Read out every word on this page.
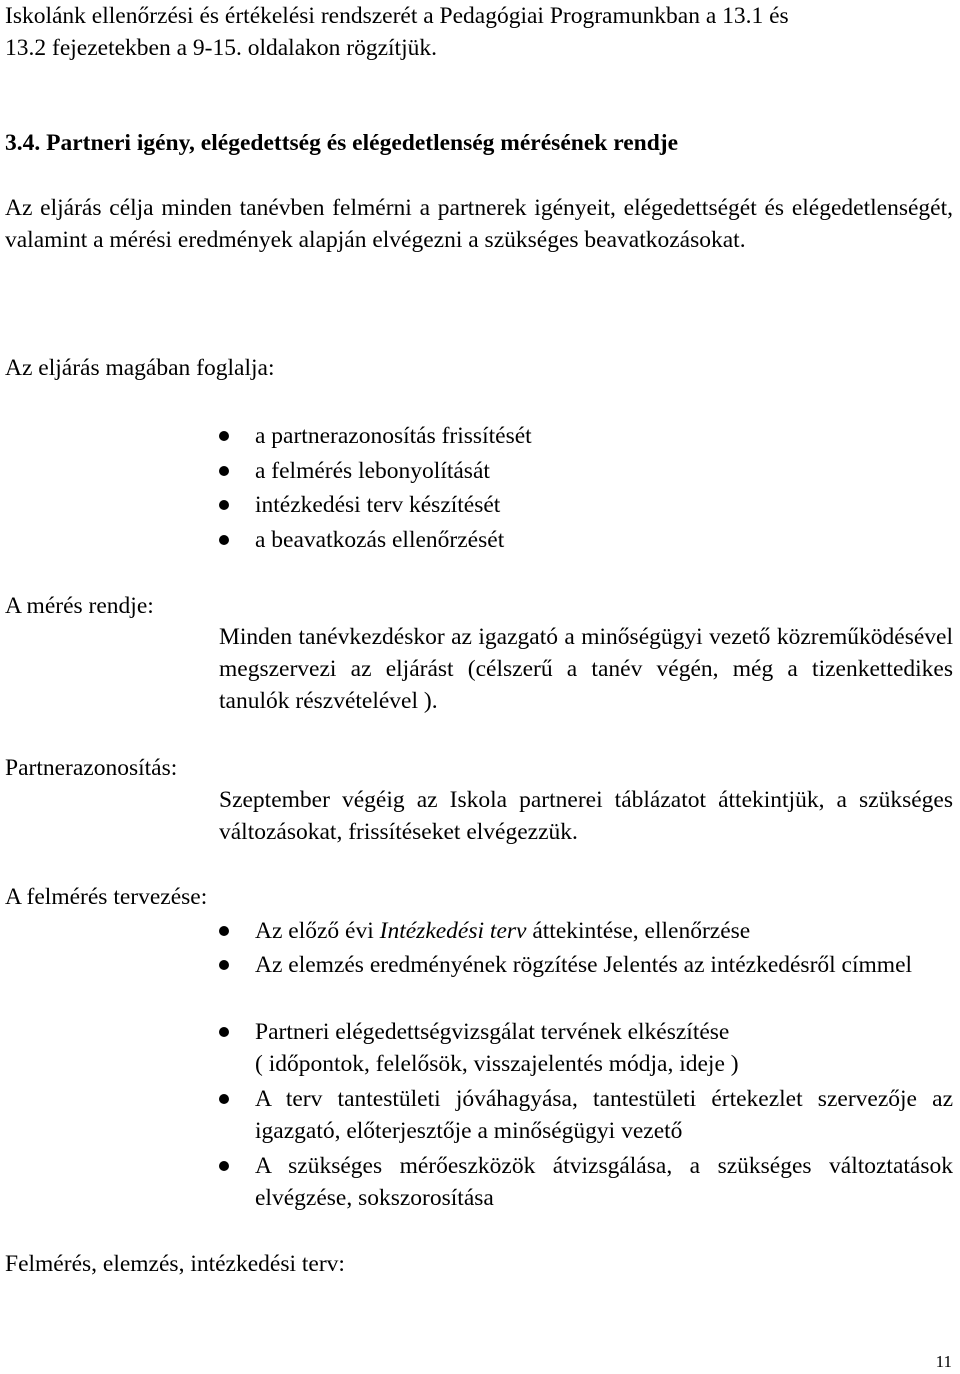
Iskolánk ellenőrzési és értékelési rendszerét a Pedagógiai Programunkban a 13.1 és
13.2 fejezetekben a 9-15. oldalakon rögzítjük.
3.4. Partneri igény, elégedettség és elégedetlenség mérésének rendje
Az eljárás célja minden tanévben felmérni a partnerek igényeit, elégedettségét és elégedetlenségét, valamint a mérési eredmények alapján elvégezni a szükséges beavatkozásokat.
Az eljárás magában foglalja:
a partnerazonosítás frissítését
a felmérés lebonyolítását
intézkedési terv készítését
a beavatkozás ellenőrzését
A mérés rendje:
Minden tanévkezdéskor az igazgató a minőségügyi vezető közreműködésével megszervezi az eljárást (célszerű a tanév végén, még a tizenkettedikes tanulók részvételével ).
Partnerazonosítás:
Szeptember végéig az Iskola partnerei táblázatot áttekintjük, a szükséges változásokat, frissítéseket elvégezzük.
A felmérés tervezése:
Az előző évi Intézkedési terv áttekintése, ellenőrzése
Az elemzés eredményének rögzítése Jelentés az intézkedésről címmel
Partneri elégedettségvizsgálat tervének elkészítése
( időpontok, felelősök, visszajelentés módja, ideje )
A terv tantestületi jóváhagyása, tantestületi értekezlet szervezője az igazgató, előterjesztője a minőségügyi vezető
A szükséges mérőeszközök átvizsgálása, a szükséges változtatások elvégzése, sokszorosítása
Felmérés, elemzés, intézkedési terv:
11
